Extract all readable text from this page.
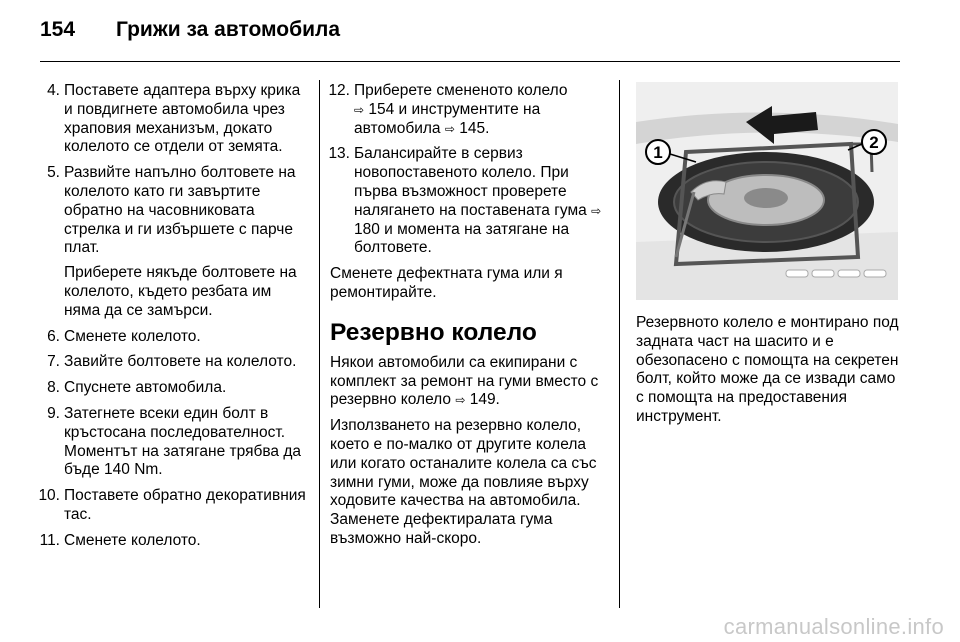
154 Грижи за автомобила
4. Поставете адаптера върху крика и повдигнете автомобила чрез храповия механизъм, докато колелото се отдели от земята.

5. Развийте напълно болтовете на колелото като ги завъртите обратно на часовниковата стрелка и ги избършете с парче плат.

Приберете някъде болтовете на колелото, където резбата им няма да се замърси.

6. Сменете колелото.

7. Завийте болтовете на колелото.

8. Спуснете автомобила.

9. Затегнете всеки един болт в кръстосана последователност. Моментът на затягане трябва да бъде 140 Nm.

10. Поставете обратно декоративния тас.

11. Сменете колелото.

12. Приберете смененото колело
⇨ 154 и инструментите на автомобила ⇨ 145.

13. Балансирайте в сервиз новопоставеното колело. При първа възможност проверете налягането на поставената гума ⇨ 180 и момента на затягане на болтовете.

Сменете дефектната гума или я ремонтирайте.

Резервно колело

Някои автомобили са екипирани с комплект за ремонт на гуми вместо с резервно колело ⇨ 149.

Използването на резервно колело, което е по-малко от другите колела или когато останалите колела са със зимни гуми, може да повлияе върху ходовите качества на автомобила. Заменете дефектиралата гума възможно най-скоро.

1
2

Резервното колело е монтирано под задната част на шасито и е обезопасено с помощта на секретен болт, който може да се извади само с помощта на предоставения инструмент.

carmanualsonline.info
